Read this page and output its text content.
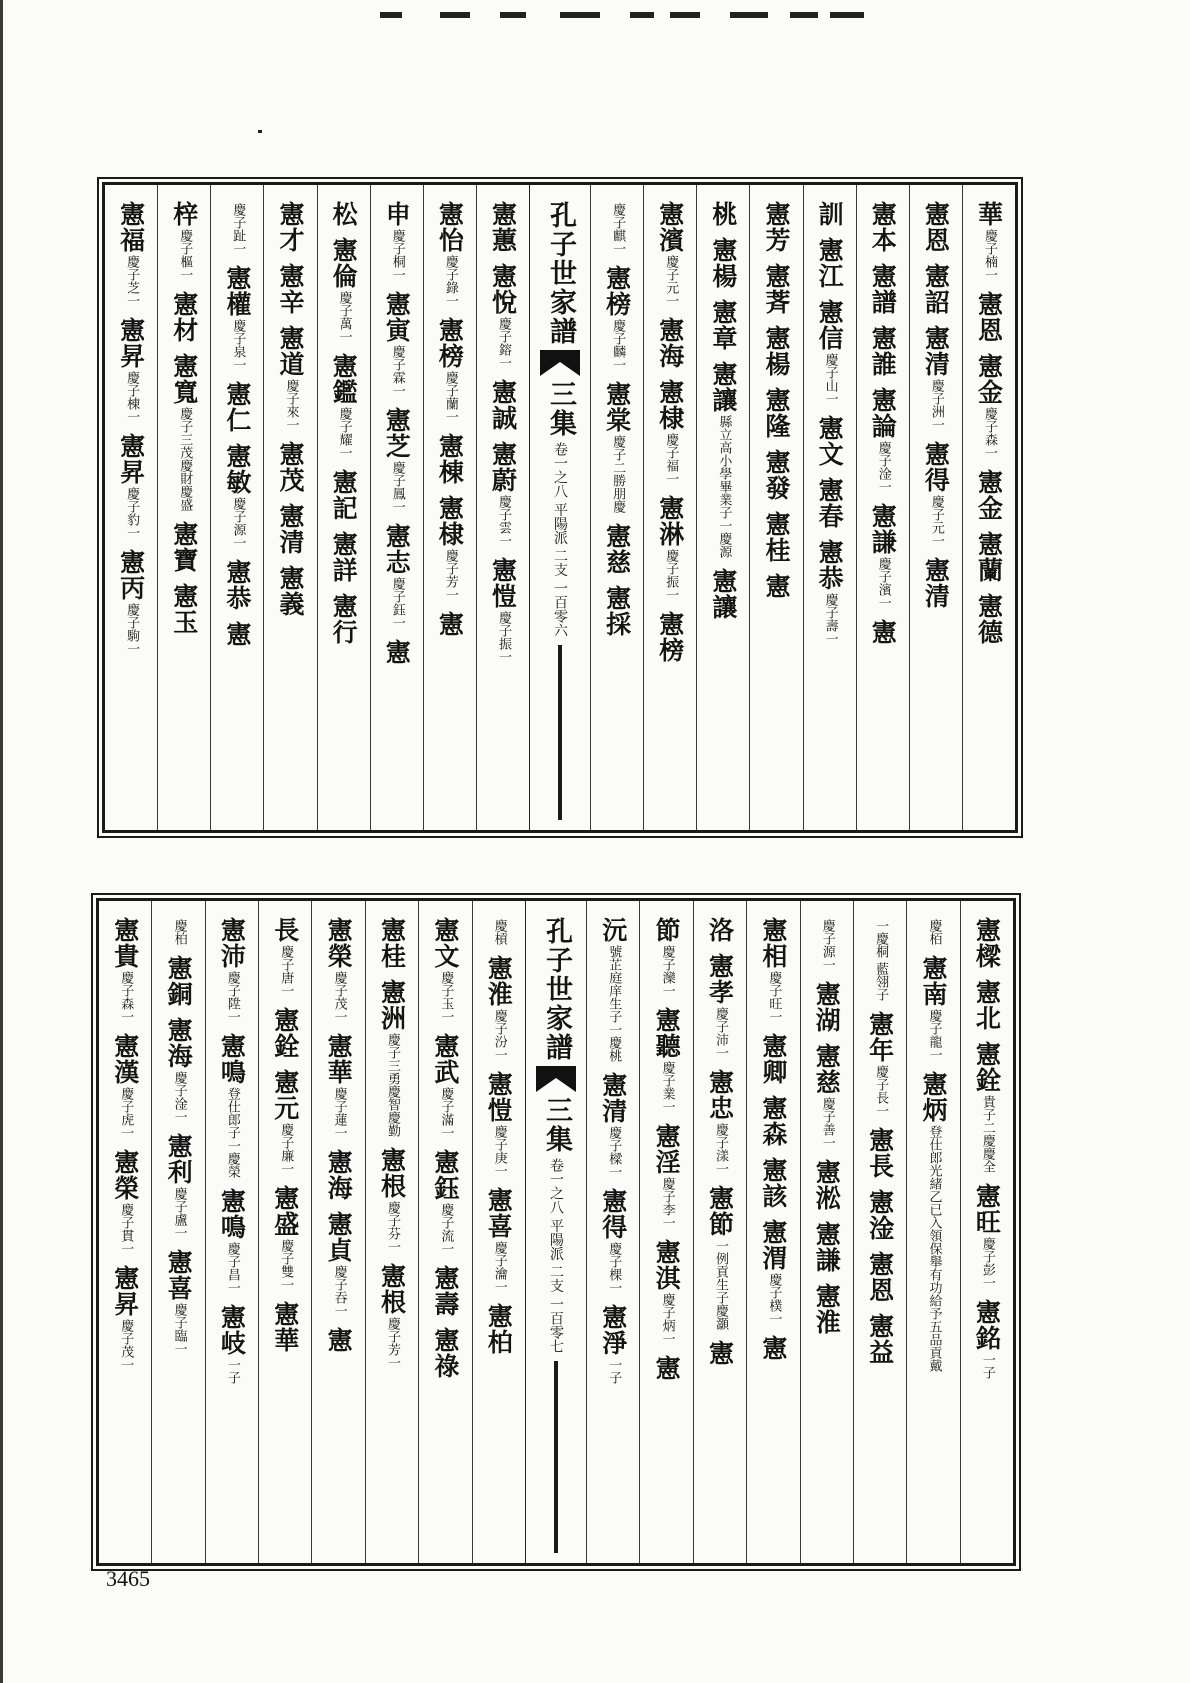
華
慶子楠一
憲恩
憲金
慶子森一
憲金
憲蘭
憲德
憲恩
憲詔
憲清
慶子洲一
憲得
慶子元一
憲清
憲本
憲譜
憲誰
憲論
慶子淦一
憲謙
慶子濱一
憲
訓
憲江
憲信
慶子山一
憲文
憲春
憲恭
慶子壽一
憲芳
憲萕
憲楊
憲隆
憲發
憲桂
憲
桃
憲楊
憲章
憲讓
縣立高小學畢業子一慶源
憲讓
憲濱
慶子元一
憲海
憲棣
慶子福一
憲淋
慶子振一
憲榜
慶子麒一
憲榜
慶子麟一
憲棠
慶子二勝朋慶
憲慈
憲採
孔子世家譜
三集
卷一之八 平陽派 二支 一百零六
憲蕙
憲悅
慶子鎔一
憲誠
憲蔚
慶子雲一
憲愷
慶子振一
憲怡
慶子錄一
憲榜
慶子蘭一
憲棟
憲棣
慶子芳一
憲
申
慶子桐一
憲寅
慶子霖一
憲芝
慶子鳳一
憲志
慶子鈺一
憲
松
憲倫
慶子萬一
憲鑑
慶子耀一
憲記
憲詳
憲行
憲才
憲辛
憲道
慶子來一
憲茂
憲清
憲義
慶子趾一
憲權
慶子泉一
憲仁
憲敏
慶子源一
憲恭
憲
梓
慶子樞一
憲材
憲寬
慶子三茂慶財慶盛
憲寶
憲玉
憲福
慶子芝一
憲昇
慶子棟一
憲昇
慶子豹一
憲丙
慶子駒一
憲樑
憲北
憲銓
貴子二慶慶全
憲旺
慶子彭一
憲銘
一子
慶栢
憲南
慶子龍一
憲炳
登仕郎光緒乙已入領保舉有功給予五品貢戴
一慶桐 藍翎子
憲年
慶子長一
憲長
憲淦
憲恩
憲益
慶子源一
憲湖
憲慈
慶子善一
憲淞
憲謙
憲淮
憲相
慶子旺一
憲卿
憲森
憲該
憲渭
慶子樸一
憲
洛
憲孝
慶子沛一
憲忠
慶子漾一
憲節
一例貢生子慶灝
憲
節
慶子灤一
憲聽
慶子業一
憲淫
慶子李一
憲淇
慶子炳一
憲
沅
號芷庭庠生子一慶桃
憲清
慶子樑一
憲得
慶子棵一
憲淨
一子
孔子世家譜
三集
卷一之八 平陽派 二支 一百零七
慶槓
憲淮
慶子汾一
憲愷
慶子庚一
憲喜
慶子瀹一
憲柏
憲文
慶子玉一
憲武
慶子滿一
憲鈺
慶子流一
憲壽
憲祿
憲桂
憲洲
慶子三勇慶智慶勤
憲根
慶子芬一
憲根
慶子芳一
憲榮
慶子茂一
憲華
慶子蓮一
憲海
憲貞
慶子吞一
憲
長
慶子唐一
憲銓
憲元
慶子廉一
憲盛
慶子雙一
憲華
憲沛
慶子陞一
憲鳴
登仕郎子一慶榮
憲鳴
慶子昌一
憲岐
一子
慶柏
憲銅
憲海
慶子淦一
憲利
慶子盧一
憲喜
慶子臨一
憲貴
慶子森一
憲漢
慶子虎一
憲榮
慶子貫一
憲昇
慶子茂一
3465
